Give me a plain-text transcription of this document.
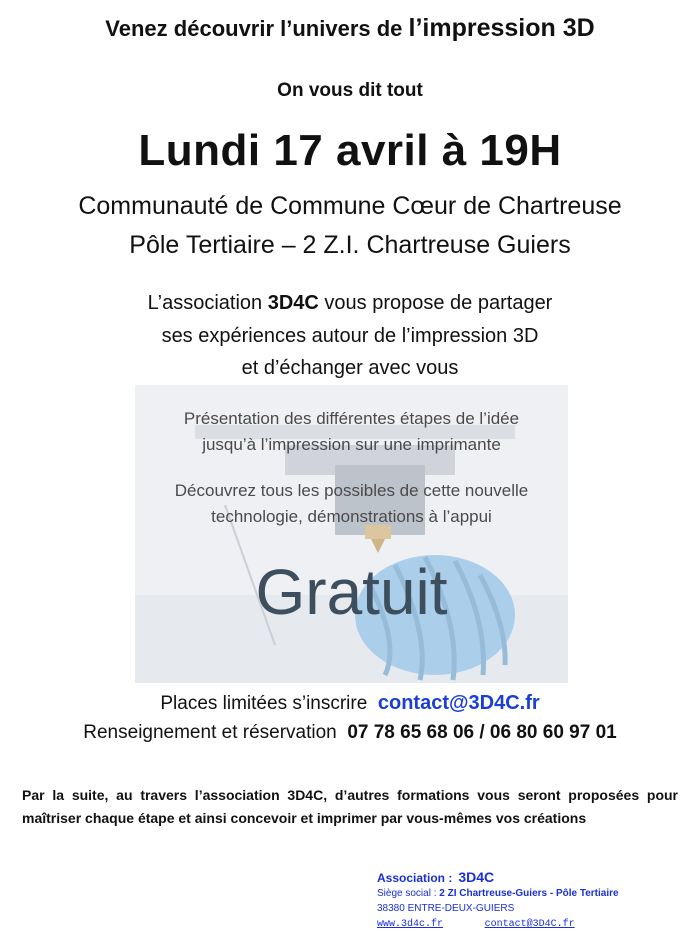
Venez découvrir l’univers de l’impression 3D
On vous dit tout
Lundi 17 avril à 19H
Communauté de Commune Cœur de Chartreuse
Pôle Tertiaire – 2 Z.I. Chartreuse Guiers
L’association 3D4C vous propose de partager
ses expériences autour de l’impression 3D
et d’échanger avec vous
Présentation des différentes étapes de l’idée
jusqu’à l’impression sur une imprimante
Découvrez tous les possibles de cette nouvelle
technologie, démonstrations à l’appui
Gratuit
Places limitées s’inscrire contact@3D4C.fr
Renseignement et réservation 07 78 65 68 06 / 06 80 60 97 01
Par la suite, au travers l’association 3D4C, d’autres formations vous seront proposées pour maîtriser chaque étape et ainsi concevoir et imprimer par vous-mêmes vos créations
Association : 3D4C
Siège social : 2 ZI Chartreuse-Guiers - Pôle Tertiaire
38380 ENTRE-DEUX-GUIERS
www.3d4c.fr	contact@3D4C.fr
